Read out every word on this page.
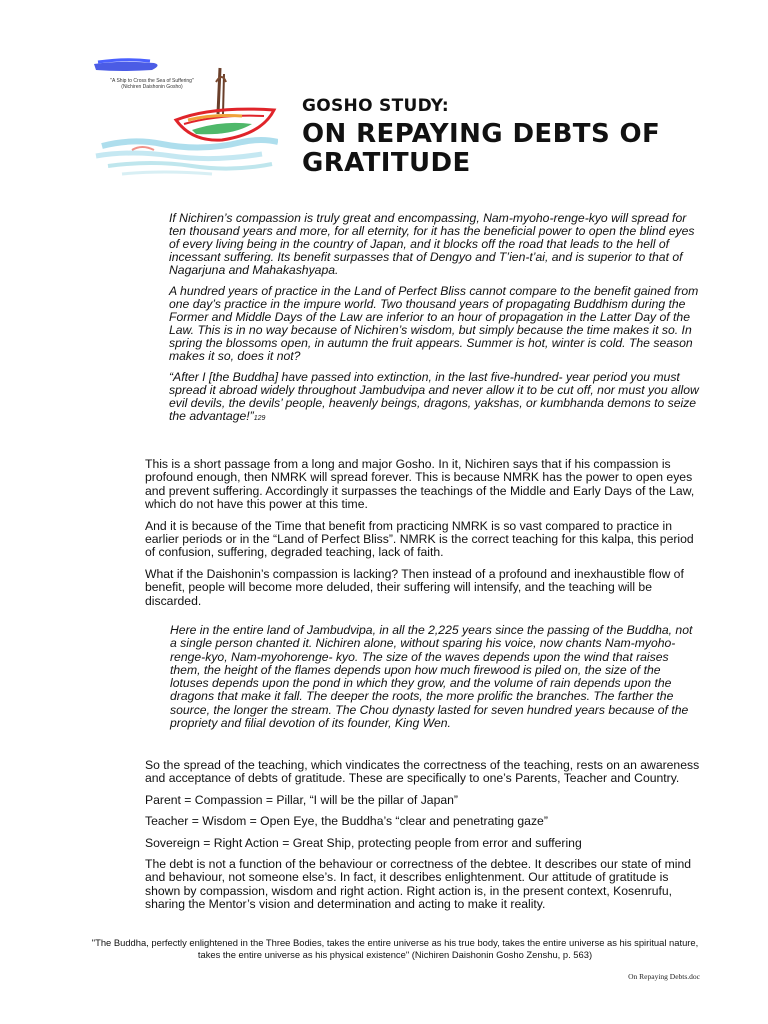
"A Ship to Cross the Sea of Suffering"
(Nichiren Daishonin Gosho)
GOSHO STUDY:
ON REPAYING DEBTS OF
GRATITUDE

If Nichiren’s compassion is truly great and encompassing, Nam-myoho-renge-kyo will spread for ten thousand years and more, for all eternity, for it has the beneficial power to open the blind eyes of every living being in the country of Japan, and it blocks off the road that leads to the hell of incessant suffering. Its benefit surpasses that of Dengyo and T’ien-t’ai, and is superior to that of Nagarjuna and Mahakashyapa.

A hundred years of practice in the Land of Perfect Bliss cannot compare to the benefit gained from one day’s practice in the impure world. Two thousand years of propagating Buddhism during the Former and Middle Days of the Law are inferior to an hour of propagation in the Latter Day of the Law. This is in no way because of Nichiren’s wisdom, but simply because the time makes it so. In spring the blossoms open, in autumn the fruit appears. Summer is hot, winter is cold. The season makes it so, does it not?

“After I [the Buddha] have passed into extinction, in the last five-hundred- year period you must spread it abroad widely throughout Jambudvipa and never allow it to be cut off, nor must you allow evil devils, the devils’ people, heavenly beings, dragons, yakshas, or kumbhanda demons to seize the advantage!”129

This is a short passage from a long and major Gosho. In it, Nichiren says that if his compassion is profound enough, then NMRK will spread forever. This is because NMRK has the power to open eyes and prevent suffering. Accordingly it surpasses the teachings of the Middle and Early Days of the Law, which do not have this power at this time.

And it is because of the Time that benefit from practicing NMRK is so vast compared to practice in earlier periods or in the “Land of Perfect Bliss”. NMRK is the correct teaching for this kalpa, this period of confusion, suffering, degraded teaching, lack of faith.

What if the Daishonin’s compassion is lacking? Then instead of a profound and inexhaustible flow of benefit, people will become more deluded, their suffering will intensify, and the teaching will be discarded.

Here in the entire land of Jambudvipa, in all the 2,225 years since the passing of the Buddha, not a single person chanted it. Nichiren alone, without sparing his voice, now chants Nam-myoho-renge-kyo, Nam-myohorenge- kyo. The size of the waves depends upon the wind that raises them, the height of the flames depends upon how much firewood is piled on, the size of the lotuses depends upon the pond in which they grow, and the volume of rain depends upon the dragons that make it fall. The deeper the roots, the more prolific the branches. The farther the source, the longer the stream. The Chou dynasty lasted for seven hundred years because of the propriety and filial devotion of its founder, King Wen.

So the spread of the teaching, which vindicates the correctness of the teaching, rests on an awareness and acceptance of debts of gratitude. These are specifically to one’s Parents, Teacher and Country.

Parent = Compassion = Pillar, “I will be the pillar of Japan”

Teacher = Wisdom = Open Eye, the Buddha’s “clear and penetrating gaze”

Sovereign = Right Action = Great Ship, protecting people from error and suffering

The debt is not a function of the behaviour or correctness of the debtee. It describes our state of mind and behaviour, not someone else’s. In fact, it describes enlightenment. Our attitude of gratitude is shown by compassion, wisdom and right action. Right action is, in the present context, Kosenrufu, sharing the Mentor’s vision and determination and acting to make it reality.

"The Buddha, perfectly enlightened in the Three Bodies, takes the entire universe as his true body, takes the entire universe as his spiritual nature, takes the entire universe as his physical existence" (Nichiren Daishonin Gosho Zenshu, p. 563)
On Repaying Debts.doc
